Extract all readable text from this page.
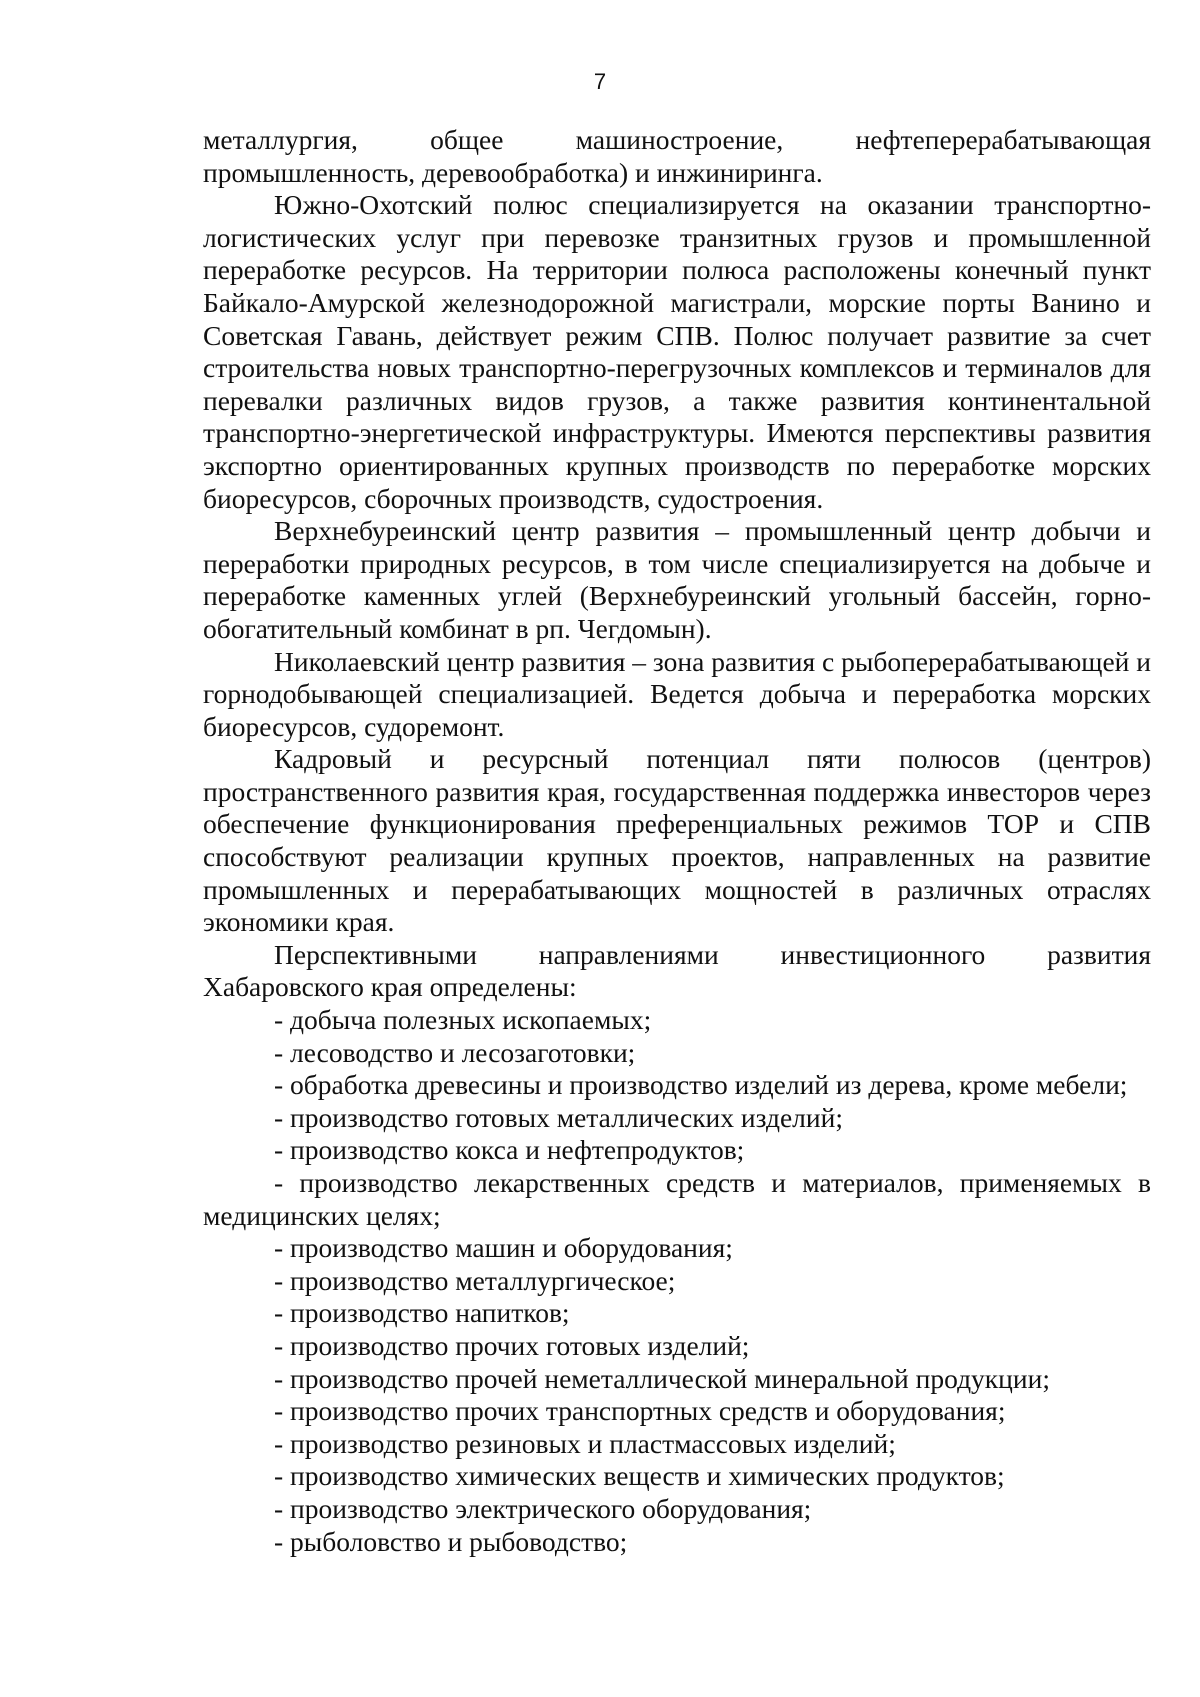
7

металлургия, общее машиностроение, нефтеперерабатывающая промышленность, деревообработка) и инжиниринга.

Южно-Охотский полюс специализируется на оказании транспортно-логистических услуг при перевозке транзитных грузов и промышленной переработке ресурсов. На территории полюса расположены конечный пункт Байкало-Амурской железнодорожной магистрали, морские порты Ванино и Советская Гавань, действует режим СПВ. Полюс получает развитие за счет строительства новых транспортно-перегрузочных комплексов и терминалов для перевалки различных видов грузов, а также развития континентальной транспортно-энергетической инфраструктуры. Имеются перспективы развития экспортно ориентированных крупных производств по переработке морских биоресурсов, сборочных производств, судостроения.

Верхнебуреинский центр развития – промышленный центр добычи и переработки природных ресурсов, в том числе специализируется на добыче и переработке каменных углей (Верхнебуреинский угольный бассейн, горно-обогатительный комбинат в рп. Чегдомын).

Николаевский центр развития – зона развития с рыбоперерабатывающей и горнодобывающей специализацией. Ведется добыча и переработка морских биоресурсов, судоремонт.

Кадровый и ресурсный потенциал пяти полюсов (центров) пространственного развития края, государственная поддержка инвесторов через обеспечение функционирования преференциальных режимов ТОР и СПВ способствуют реализации крупных проектов, направленных на развитие промышленных и перерабатывающих мощностей в различных отраслях экономики края.

Перспективными направлениями инвестиционного развития Хабаровского края определены:

- добыча полезных ископаемых;

- лесоводство и лесозаготовки;

- обработка древесины и производство изделий из дерева, кроме мебели;

- производство готовых металлических изделий;

- производство кокса и нефтепродуктов;

- производство лекарственных средств и материалов, применяемых в медицинских целях;

- производство машин и оборудования;

- производство металлургическое;

- производство напитков;

- производство прочих готовых изделий;

- производство прочей неметаллической минеральной продукции;

- производство прочих транспортных средств и оборудования;

- производство резиновых и пластмассовых изделий;

- производство химических веществ и химических продуктов;

- производство электрического оборудования;

- рыболовство и рыбоводство;
